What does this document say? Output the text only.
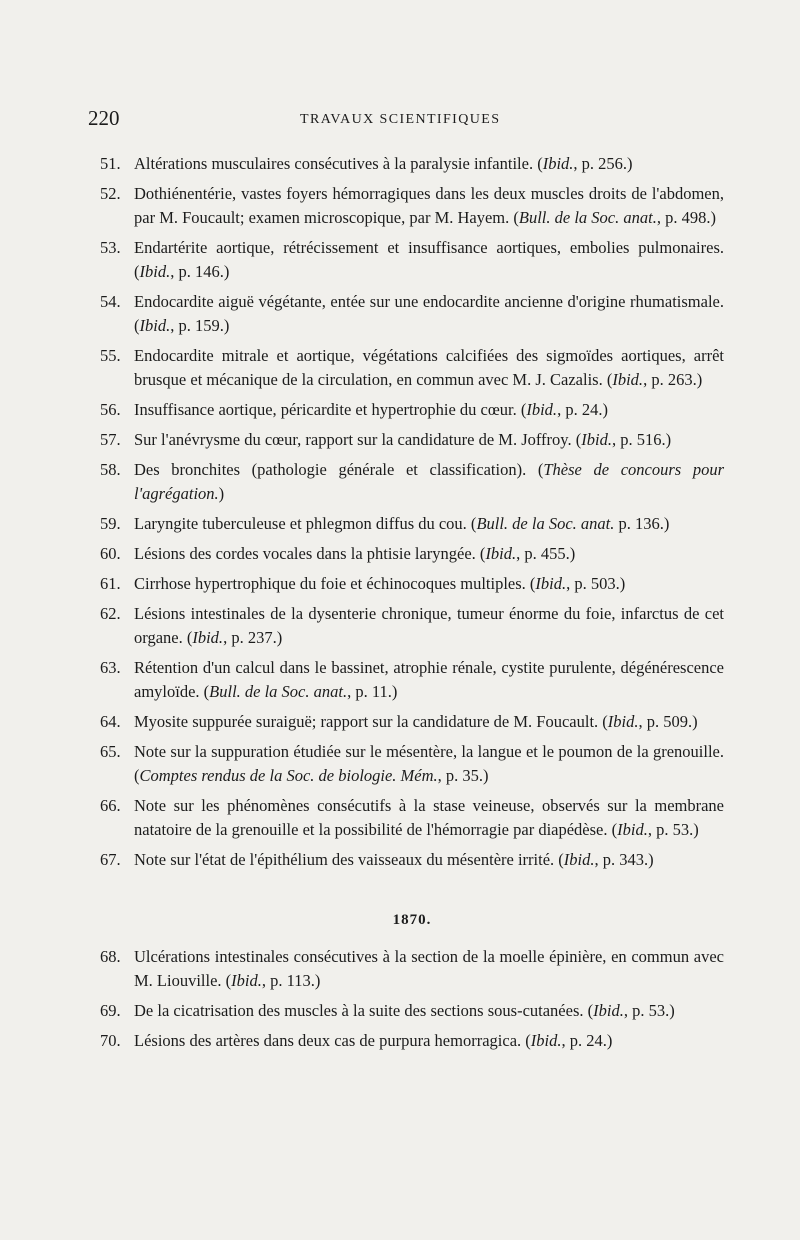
220	TRAVAUX SCIENTIFIQUES
51. Altérations musculaires consécutives à la paralysie infantile. (Ibid., p. 256.)
52. Dothiénentérie, vastes foyers hémorragiques dans les deux muscles droits de l'abdomen, par M. Foucault; examen microscopique, par M. Hayem. (Bull. de la Soc. anat., p. 498.)
53. Endartérite aortique, rétrécissement et insuffisance aortiques, embolies pulmonaires. (Ibid., p. 146.)
54. Endocardite aiguë végétante, entée sur une endocardite ancienne d'origine rhumatismale. (Ibid., p. 159.)
55. Endocardite mitrale et aortique, végétations calcifiées des sigmoïdes aortiques, arrêt brusque et mécanique de la circulation, en commun avec M. J. Cazalis. (Ibid., p. 263.)
56. Insuffisance aortique, péricardite et hypertrophie du cœur. (Ibid., p. 24.)
57. Sur l'anévrysme du cœur, rapport sur la candidature de M. Joffroy. (Ibid., p. 516.)
58. Des bronchites (pathologie générale et classification). (Thèse de concours pour l'agrégation.)
59. Laryngite tuberculeuse et phlegmon diffus du cou. (Bull. de la Soc. anat. p. 136.)
60. Lésions des cordes vocales dans la phtisie laryngée. (Ibid., p. 455.)
61. Cirrhose hypertrophique du foie et échinocoques multiples. (Ibid., p. 503.)
62. Lésions intestinales de la dysenterie chronique, tumeur énorme du foie, infarctus de cet organe. (Ibid., p. 237.)
63. Rétention d'un calcul dans le bassinet, atrophie rénale, cystite purulente, dégénérescence amyloïde. (Bull. de la Soc. anat., p. 11.)
64. Myosite suppurée suraiguë; rapport sur la candidature de M. Foucault. (Ibid., p. 509.)
65. Note sur la suppuration étudiée sur le mésentère, la langue et le poumon de la grenouille. (Comptes rendus de la Soc. de biologie. Mém., p. 35.)
66. Note sur les phénomènes consécutifs à la stase veineuse, observés sur la membrane natatoire de la grenouille et la possibilité de l'hémorragie par diapédèse. (Ibid., p. 53.)
67. Note sur l'état de l'épithélium des vaisseaux du mésentère irrité. (Ibid., p. 343.)
1870.
68. Ulcérations intestinales consécutives à la section de la moelle épinière, en commun avec M. Liouville. (Ibid., p. 113.)
69. De la cicatrisation des muscles à la suite des sections sous-cutanées. (Ibid., p. 53.)
70. Lésions des artères dans deux cas de purpura hemorragica. (Ibid., p. 24.)
